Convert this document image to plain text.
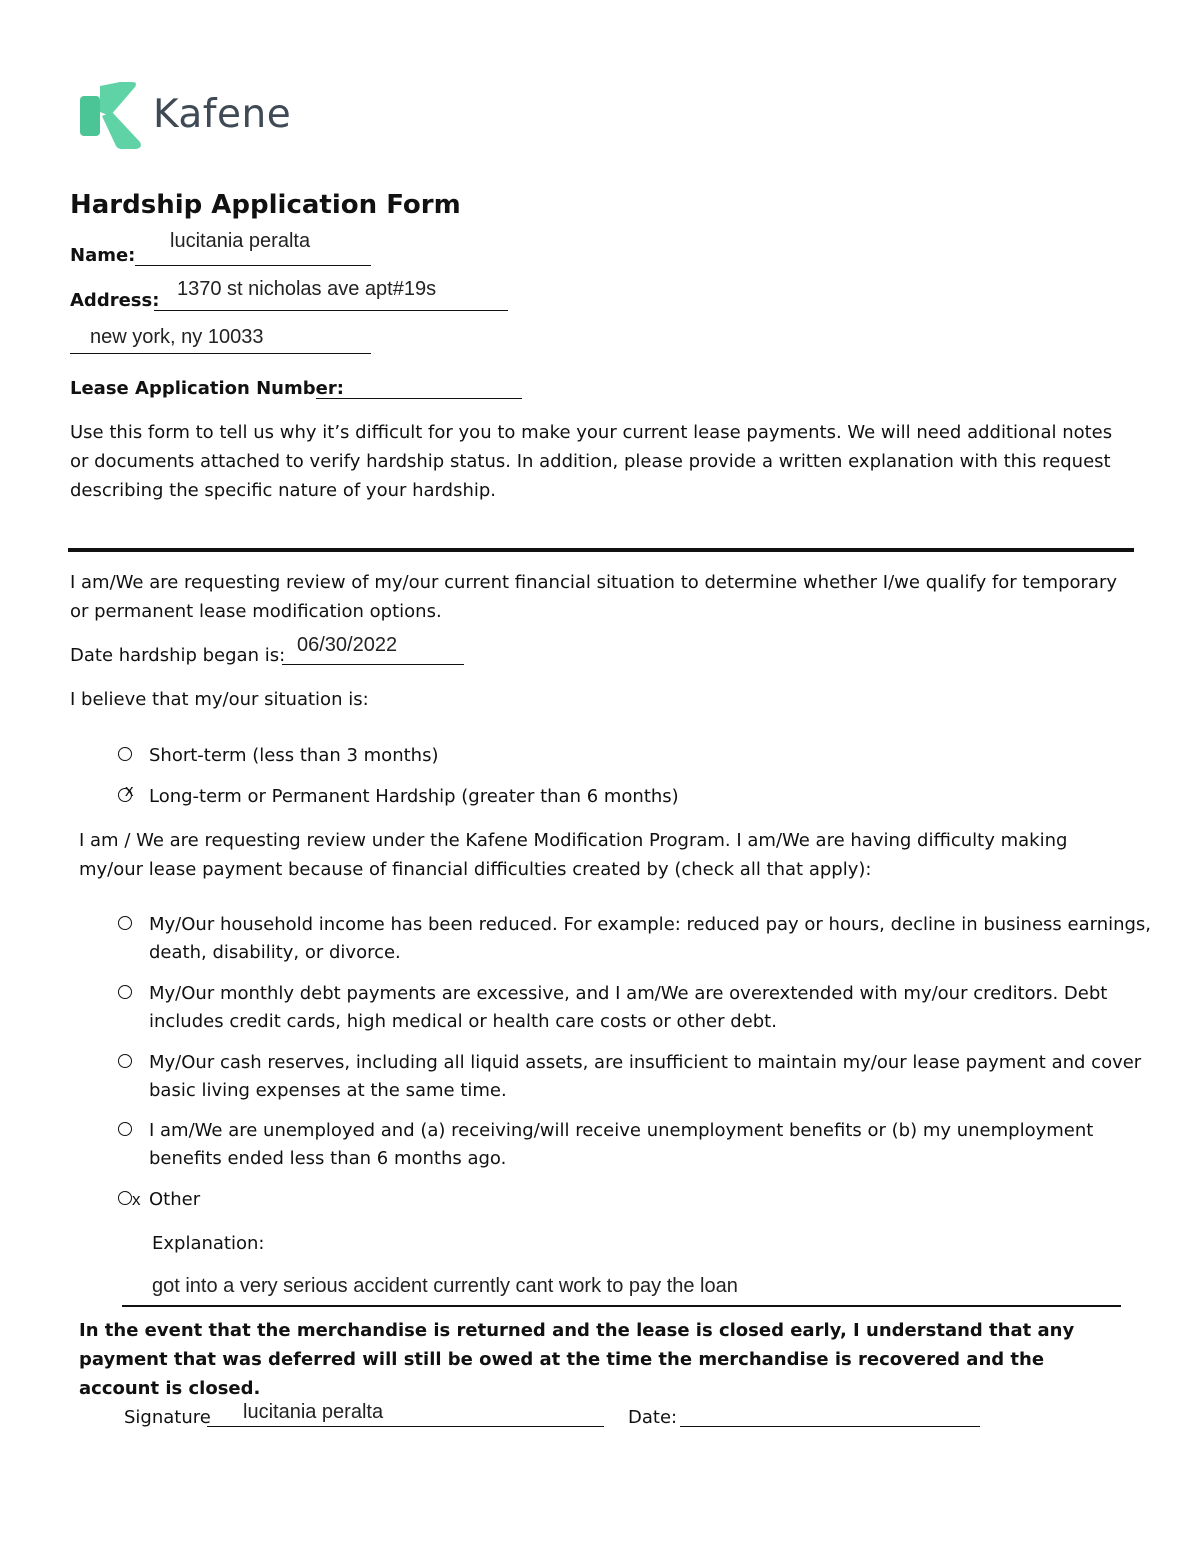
Kafene
Hardship Application Form
Name:
lucitania peralta
Address:
1370 st nicholas ave apt#19s
new york, ny 10033
Lease Application Number:
Use this form to tell us why it’s difficult for you to make your current lease payments. We will need additional notes or documents attached to verify hardship status. In addition, please provide a written explanation with this request describing the specific nature of your hardship.
I am/We are requesting review of my/our current financial situation to determine whether I/we qualify for temporary or permanent lease modification options.
Date hardship began is: 06/30/2022
I believe that my/our situation is:
Short-term (less than 3 months)
x Long-term or Permanent Hardship (greater than 6 months)
I am / We are requesting review under the Kafene Modification Program. I am/We are having difficulty making my/our lease payment because of financial difficulties created by (check all that apply):
My/Our household income has been reduced. For example: reduced pay or hours, decline in business earnings,
death, disability, or divorce.
My/Our monthly debt payments are excessive, and I am/We are overextended with my/our creditors. Debt
includes credit cards, high medical or health care costs or other debt.
My/Our cash reserves, including all liquid assets, are insufficient to maintain my/our lease payment and cover
basic living expenses at the same time.
I am/We are unemployed and (a) receiving/will receive unemployment benefits or (b) my unemployment
benefits ended less than 6 months ago.
x Other
Explanation:
got into a very serious accident currently cant work to pay the loan
In the event that the merchandise is returned and the lease is closed early, I understand that any payment that was deferred will still be owed at the time the merchandise is recovered and the account is closed.
Signature lucitania peralta	Date:
